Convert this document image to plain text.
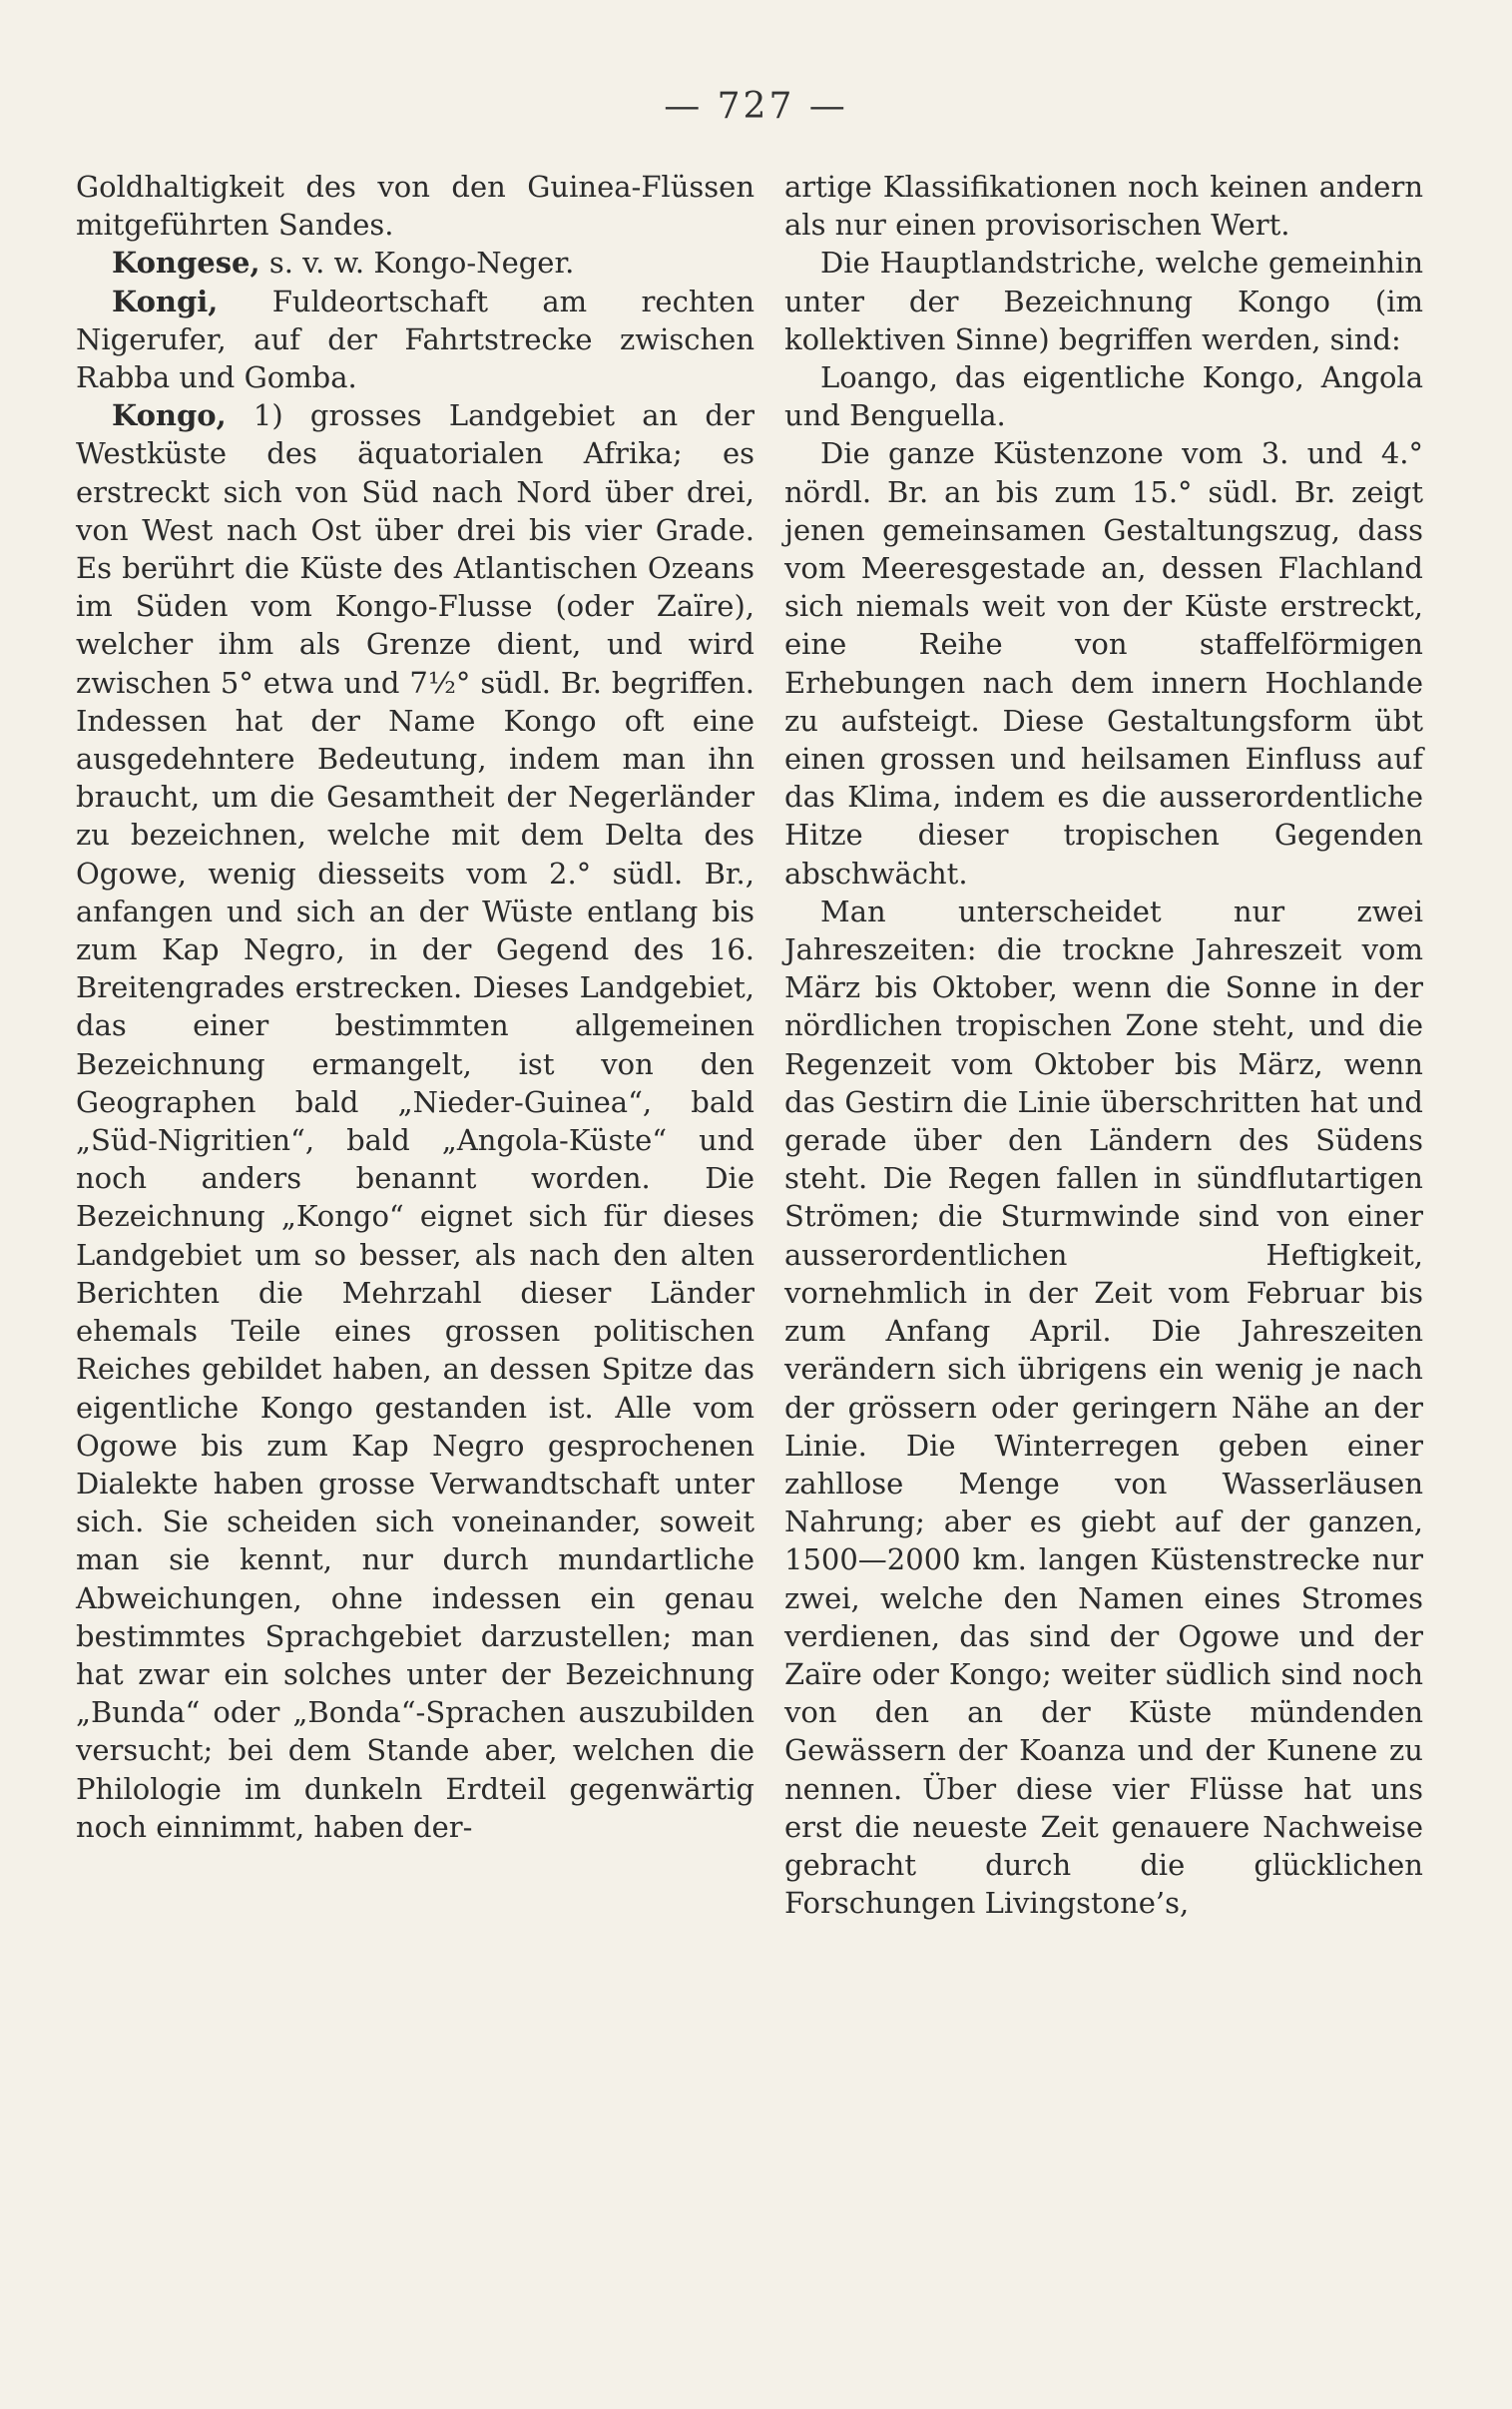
— 727 —

Goldhaltigkeit des von den Guinea-Flüssen mitgeführten Sandes.

Kongese, s. v. w. Kongo-Neger.

Kongi, Fuldeortschaft am rechten Nigerufer, auf der Fahrtstrecke zwischen Rabba und Gomba.

Kongo, 1) grosses Landgebiet an der Westküste des äquatorialen Afrika; es erstreckt sich von Süd nach Nord über drei, von West nach Ost über drei bis vier Grade. Es berührt die Küste des Atlantischen Ozeans im Süden vom Kongo-Flusse (oder Zaïre), welcher ihm als Grenze dient, und wird zwischen 5° etwa und 7½° südl. Br. begriffen. Indessen hat der Name Kongo oft eine ausgedehntere Bedeutung, indem man ihn braucht, um die Gesamtheit der Negerländer zu bezeichnen, welche mit dem Delta des Ogowe, wenig diesseits vom 2.° südl. Br., anfangen und sich an der Wüste entlang bis zum Kap Negro, in der Gegend des 16. Breitengrades erstrecken. Dieses Landgebiet, das einer bestimmten allgemeinen Bezeichnung ermangelt, ist von den Geographen bald „Nieder-Guinea“, bald „Süd-Nigritien“, bald „Angola-Küste“ und noch anders benannt worden. Die Bezeichnung „Kongo“ eignet sich für dieses Landgebiet um so besser, als nach den alten Berichten die Mehrzahl dieser Länder ehemals Teile eines grossen politischen Reiches gebildet haben, an dessen Spitze das eigentliche Kongo gestanden ist. Alle vom Ogowe bis zum Kap Negro gesprochenen Dialekte haben grosse Verwandtschaft unter sich. Sie scheiden sich voneinander, soweit man sie kennt, nur durch mundartliche Abweichungen, ohne indessen ein genau bestimmtes Sprachgebiet darzustellen; man hat zwar ein solches unter der Bezeichnung „Bunda“ oder „Bonda“-Sprachen auszubilden versucht; bei dem Stande aber, welchen die Philologie im dunkeln Erdteil gegenwärtig noch einnimmt, haben der-

artige Klassifikationen noch keinen andern als nur einen provisorischen Wert.

Die Hauptlandstriche, welche gemeinhin unter der Bezeichnung Kongo (im kollektiven Sinne) begriffen werden, sind:

Loango, das eigentliche Kongo, Angola und Benguella.

Die ganze Küstenzone vom 3. und 4.° nördl. Br. an bis zum 15.° südl. Br. zeigt jenen gemeinsamen Gestaltungszug, dass vom Meeresgestade an, dessen Flachland sich niemals weit von der Küste erstreckt, eine Reihe von staffelförmigen Erhebungen nach dem innern Hochlande zu aufsteigt. Diese Gestaltungsform übt einen grossen und heilsamen Einfluss auf das Klima, indem es die ausserordentliche Hitze dieser tropischen Gegenden abschwächt.

Man unterscheidet nur zwei Jahreszeiten: die trockne Jahreszeit vom März bis Oktober, wenn die Sonne in der nördlichen tropischen Zone steht, und die Regenzeit vom Oktober bis März, wenn das Gestirn die Linie überschritten hat und gerade über den Ländern des Südens steht. Die Regen fallen in sündflutartigen Strömen; die Sturmwinde sind von einer ausserordentlichen Heftigkeit, vornehmlich in der Zeit vom Februar bis zum Anfang April. Die Jahreszeiten verändern sich übrigens ein wenig je nach der grössern oder geringern Nähe an der Linie. Die Winterregen geben einer zahllose Menge von Wasserläusen Nahrung; aber es giebt auf der ganzen, 1500—2000 km. langen Küstenstrecke nur zwei, welche den Namen eines Stromes verdienen, das sind der Ogowe und der Zaïre oder Kongo; weiter südlich sind noch von den an der Küste mündenden Gewässern der Koanza und der Kunene zu nennen. Über diese vier Flüsse hat uns erst die neueste Zeit genauere Nachweise gebracht durch die glücklichen Forschungen Livingstone’s,
